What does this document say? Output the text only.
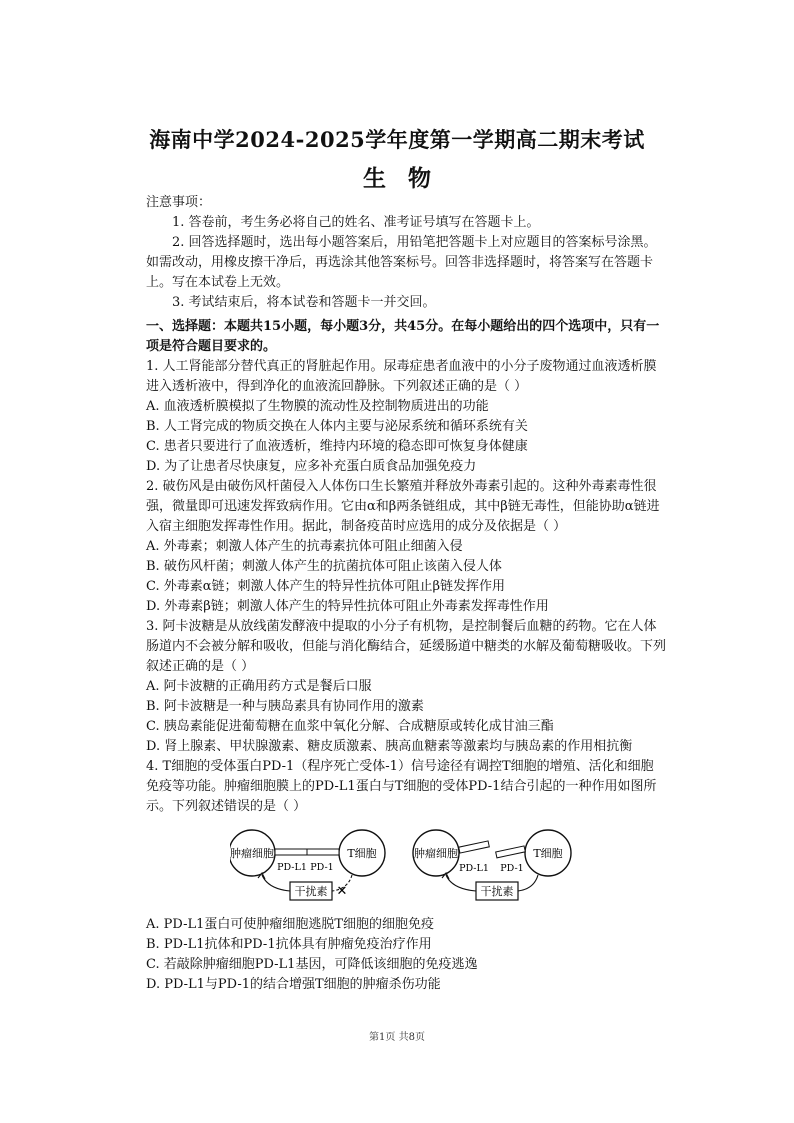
海南中学2024-2025学年度第一学期高二期末考试
生物
注意事项：

1. 答卷前，考生务必将自己的姓名、准考证号填写在答题卡上。

2. 回答选择题时，选出每小题答案后，用铅笔把答题卡上对应题目的答案标号涂黑。如需改动，用橡皮擦干净后，再选涂其他答案标号。回答非选择题时，将答案写在答题卡上。写在本试卷上无效。

3. 考试结束后，将本试卷和答题卡一并交回。

一、选择题：本题共15小题，每小题3分，共45分。在每小题给出的四个选项中，只有一项是符合题目要求的。

1. 人工肾能部分替代真正的肾脏起作用。尿毒症患者血液中的小分子废物通过血液透析膜进入透析液中，得到净化的血液流回静脉。下列叙述正确的是（ ）

A. 血液透析膜模拟了生物膜的流动性及控制物质进出的功能

B. 人工肾完成的物质交换在人体内主要与泌尿系统和循环系统有关

C. 患者只要进行了血液透析，维持内环境的稳态即可恢复身体健康

D. 为了让患者尽快康复，应多补充蛋白质食品加强免疫力

2. 破伤风是由破伤风杆菌侵入人体伤口生长繁殖并释放外毒素引起的。这种外毒素毒性很强，微量即可迅速发挥致病作用。它由α和β两条链组成，其中β链无毒性，但能协助α链进入宿主细胞发挥毒性作用。据此，制备疫苗时应选用的成分及依据是（ ）

A. 外毒素；刺激人体产生的抗毒素抗体可阻止细菌入侵

B. 破伤风杆菌；刺激人体产生的抗菌抗体可阻止该菌入侵人体

C. 外毒素α链；刺激人体产生的特异性抗体可阻止β链发挥作用

D. 外毒素β链；刺激人体产生的特异性抗体可阻止外毒素发挥毒性作用

3. 阿卡波糖是从放线菌发酵液中提取的小分子有机物，是控制餐后血糖的药物。它在人体肠道内不会被分解和吸收，但能与消化酶结合，延缓肠道中糖类的水解及葡萄糖吸收。下列叙述正确的是（ ）

A. 阿卡波糖的正确用药方式是餐后口服

B. 阿卡波糖是一种与胰岛素具有协同作用的激素

C. 胰岛素能促进葡萄糖在血浆中氧化分解、合成糖原或转化成甘油三酯

D. 肾上腺素、甲状腺激素、糖皮质激素、胰高血糖素等激素均与胰岛素的作用相抗衡

4. T细胞的受体蛋白PD-1（程序死亡受体-1）信号途径有调控T细胞的增殖、活化和细胞免疫等功能。肿瘤细胞膜上的PD-L1蛋白与T细胞的受体PD-1结合引起的一种作用如图所示。下列叙述错误的是（ ）

肿瘤细胞	T细胞
PD-L1 PD-1
干扰素 ✕
肿瘤细胞	T细胞
PD-L1 PD-1
干扰素

A. PD-L1蛋白可使肿瘤细胞逃脱T细胞的细胞免疫

B. PD-L1抗体和PD-1抗体具有肿瘤免疫治疗作用

C. 若敲除肿瘤细胞PD-L1基因，可降低该细胞的免疫逃逸

D. PD-L1与PD-1的结合增强T细胞的肿瘤杀伤功能

第1页 共8页
